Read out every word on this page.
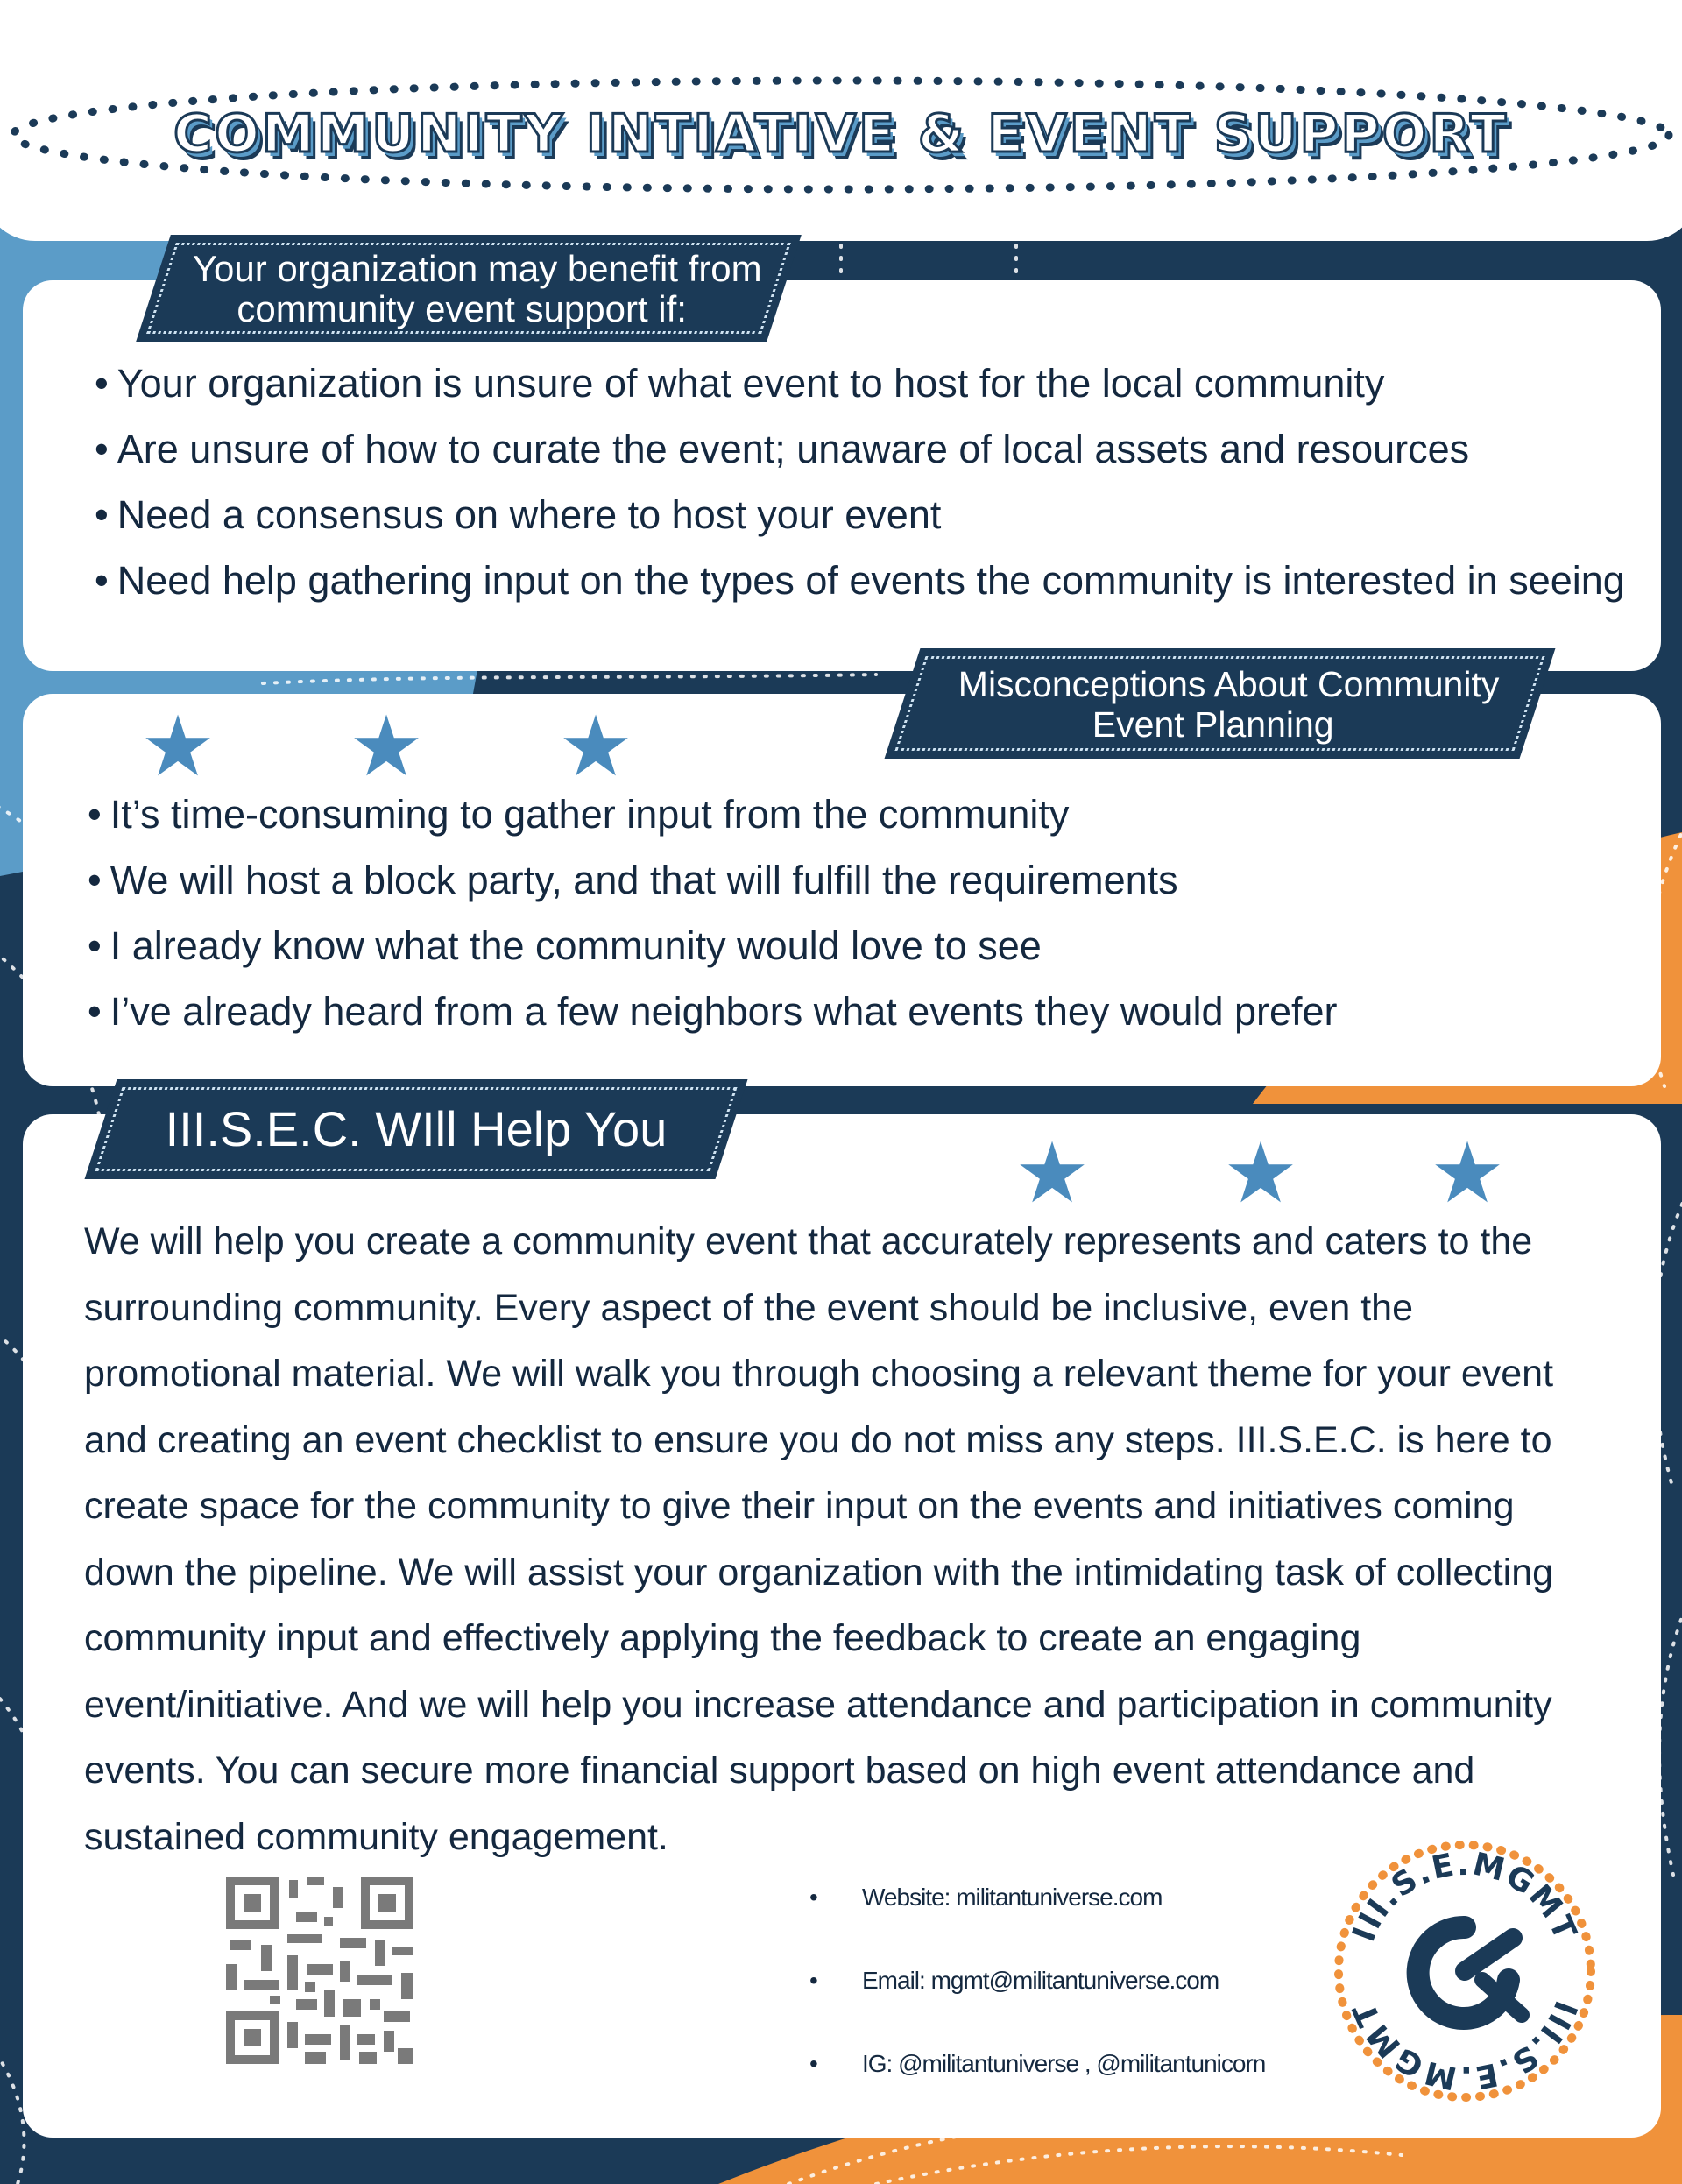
COMMUNITY INTIATIVE & EVENT SUPPORT
Your organization may benefit from
community event support if:
• Your organization is unsure of what event to host for the local community
• Are unsure of how to curate the event; unaware of local assets and resources
• Need a consensus on where to host your event
• Need help gathering input on the types of events the community is interested in seeing
Misconceptions About Community
Event Planning
★ ★ ★
• It’s time-consuming to gather input from the community
• We will host a block party, and that will fulfill the requirements
• I already know what the community would love to see
• I’ve already heard from a few neighbors what events they would prefer
III.S.E.C. WIll Help You	★ ★ ★

We will help you create a community event that accurately represents and caters to the surrounding community. Every aspect of the event should be inclusive, even the promotional material. We will walk you through choosing a relevant theme for your event and creating an event checklist to ensure you do not miss any steps. III.S.E.C. is here to create space for the community to give their input on the events and initiatives coming down the pipeline. We will assist your organization with the intimidating task of collecting community input and effectively applying the feedback to create an engaging event/initiative. And we will help you increase attendance and participation in community events. You can secure more financial support based on high event attendance and sustained community engagement.

• Website: militantuniverse.com
• Email: mgmt@militantuniverse.com
• IG: @militantuniverse , @militantunicorn
III.S.E.MGMT
III.S.E.MGMT
